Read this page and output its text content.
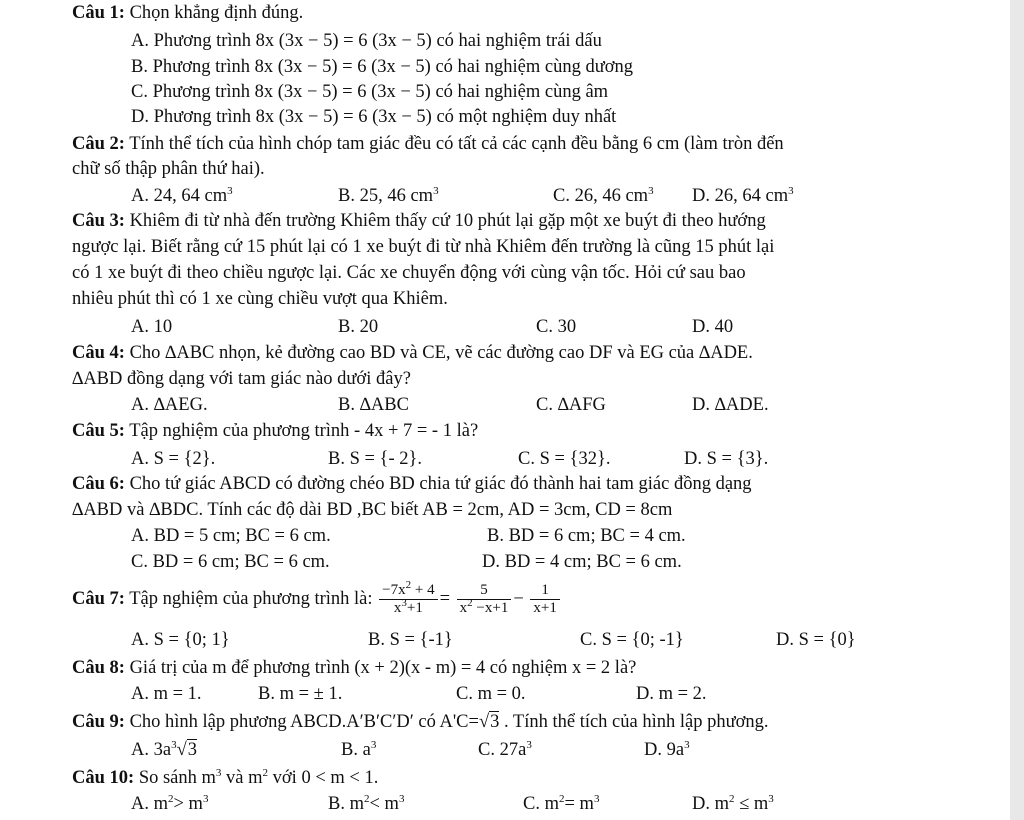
Câu 1: Chọn khẳng định đúng.
A. Phương trình 8x (3x − 5) = 6 (3x − 5) có hai nghiệm trái dấu
B. Phương trình 8x (3x − 5) = 6 (3x − 5) có hai nghiệm cùng dương
C. Phương trình 8x (3x − 5) = 6 (3x − 5) có hai nghiệm cùng âm
D. Phương trình 8x (3x − 5) = 6 (3x − 5) có một nghiệm duy nhất
Câu 2: Tính thể tích của hình chóp tam giác đều có tất cả các cạnh đều bằng 6 cm (làm tròn đến
chữ số thập phân thứ hai).
A. 24, 64 $cm^3$	B. 25, 46 $cm^3$	C. 26, 46 $cm^3$ D. 26, 64 $cm^3$
Câu 3: Khiêm đi từ nhà đến trường Khiêm thấy cứ 10 phút lại gặp một xe buýt đi theo hướng
ngược lại. Biết rằng cứ 15 phút lại có 1 xe buýt đi từ nhà Khiêm đến trường là cũng 15 phút lại
có 1 xe buýt đi theo chiều ngược lại. Các xe chuyển động với cùng vận tốc. Hỏi cứ sau bao
nhiêu phút thì có 1 xe cùng chiều vượt qua Khiêm.
A. 10	B. 20	C. 30	D. 40
Câu 4: Cho ∆ABC nhọn, kẻ đường cao BD và CE, vẽ các đường cao DF và EG của ∆ADE.
∆ABD đồng dạng với tam giác nào dưới đây?
A. ∆AEG.	B. ∆ABC	C. ∆AFG	D. ∆ADE.
Câu 5: Tập nghiệm của phương trình - 4x + 7 = - 1 là?
A. S = {2}.	B. S = {- 2}.	C. S = {32}.	D. S = {3}.
Câu 6: Cho tứ giác ABCD có đường chéo BD chia tứ giác đó thành hai tam giác đồng dạng
∆ABD và ∆BDC. Tính các độ dài BD ,BC biết AB = 2cm, AD = 3cm, CD = 8cm
A. BD = 5 cm; BC = 6 cm.	B. BD = 6 cm; BC = 4 cm.
C. BD = 6 cm; BC = 6 cm.	D. BD = 4 cm; BC = 6 cm.
Câu 7: Tập nghiệm của phương trình là: $\frac{-7x^2 + 4}{x^3+1} = \frac{5}{x^2 -x+1} - \frac{1}{x+1}$
A. S = {0; 1}	B. S = {-1}	C. S = {0; -1}	D. S = {0}
Câu 8: Giá trị của m để phương trình (x + 2)(x - m) = 4 có nghiệm x = 2 là?
A. m = 1.	B. m = ± 1.	C. m = 0.	D. m = 2.
Câu 9: Cho hình lập phương ABCD.A′B′C′D′ có A'C=√3 . Tính thể tích của hình lập phương.
A. $3a^3√3$	B. $a^3$	C. $27a^3$	D. $9a^3$
Câu 10: So sánh $m^3$ và $m^2$ với 0 < m < 1.
A. $m^2> m^3$	B. $m^2< m^3$	C. $m^2= m^3$	D. $m^2 \le m^3$
